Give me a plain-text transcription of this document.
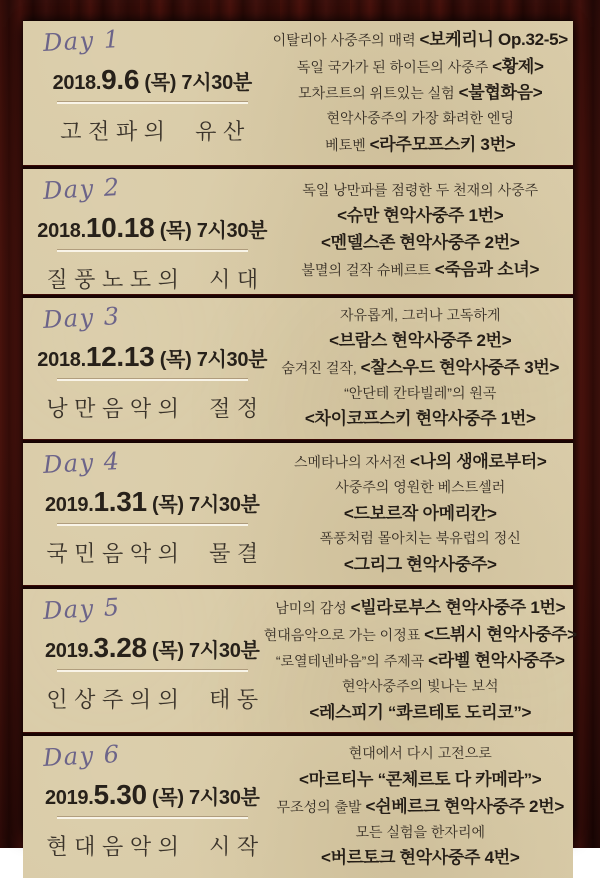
Day 1
2018.9.6 (목) 7시30분
고전파의 유산
이탈리아 사중주의 매력 <보케리니 Op.32-5>
독일 국가가 된 하이든의 사중주 <황제>
모차르트의 위트있는 실험 <불협화음>
현악사중주의 가장 화려한 엔딩
베토벤 <라주모프스키 3번>
Day 2
2018.10.18 (목) 7시30분
질풍노도의 시대
독일 낭만파를 점령한 두 천재의 사중주
<슈만 현악사중주 1번>
<멘델스존 현악사중주 2번>
불멸의 걸작 슈베르트 <죽음과 소녀>
Day 3
2018.12.13 (목) 7시30분
낭만음악의 절정
자유롭게, 그러나 고독하게
<브람스 현악사중주 2번>
숨겨진 걸작, <찰스우드 현악사중주 3번>
“안단테 칸타빌레”의 원곡
<차이코프스키 현악사중주 1번>
Day 4
2019.1.31 (목) 7시30분
국민음악의 물결
스메타나의 자서전 <나의 생애로부터>
사중주의 영원한 베스트셀러
<드보르작 아메리칸>
폭풍처럼 몰아치는 북유럽의 정신
<그리그 현악사중주>
Day 5
2019.3.28 (목) 7시30분
인상주의의 태동
남미의 감성 <빌라로부스 현악사중주 1번>
현대음악으로 가는 이정표 <드뷔시 현악사중주>
“로열테넨바음”의 주제곡 <라벨 현악사중주>
현악사중주의 빛나는 보석
<레스피기 “콰르테토 도리코”>
Day 6
2019.5.30 (목) 7시30분
현대음악의 시작
현대에서 다시 고전으로
<마르티누 “콘체르토 다 카메라”>
무조성의 출발 <쉰베르크 현악사중주 2번>
모든 실험을 한자리에
<버르토크 현악사중주 4번>
